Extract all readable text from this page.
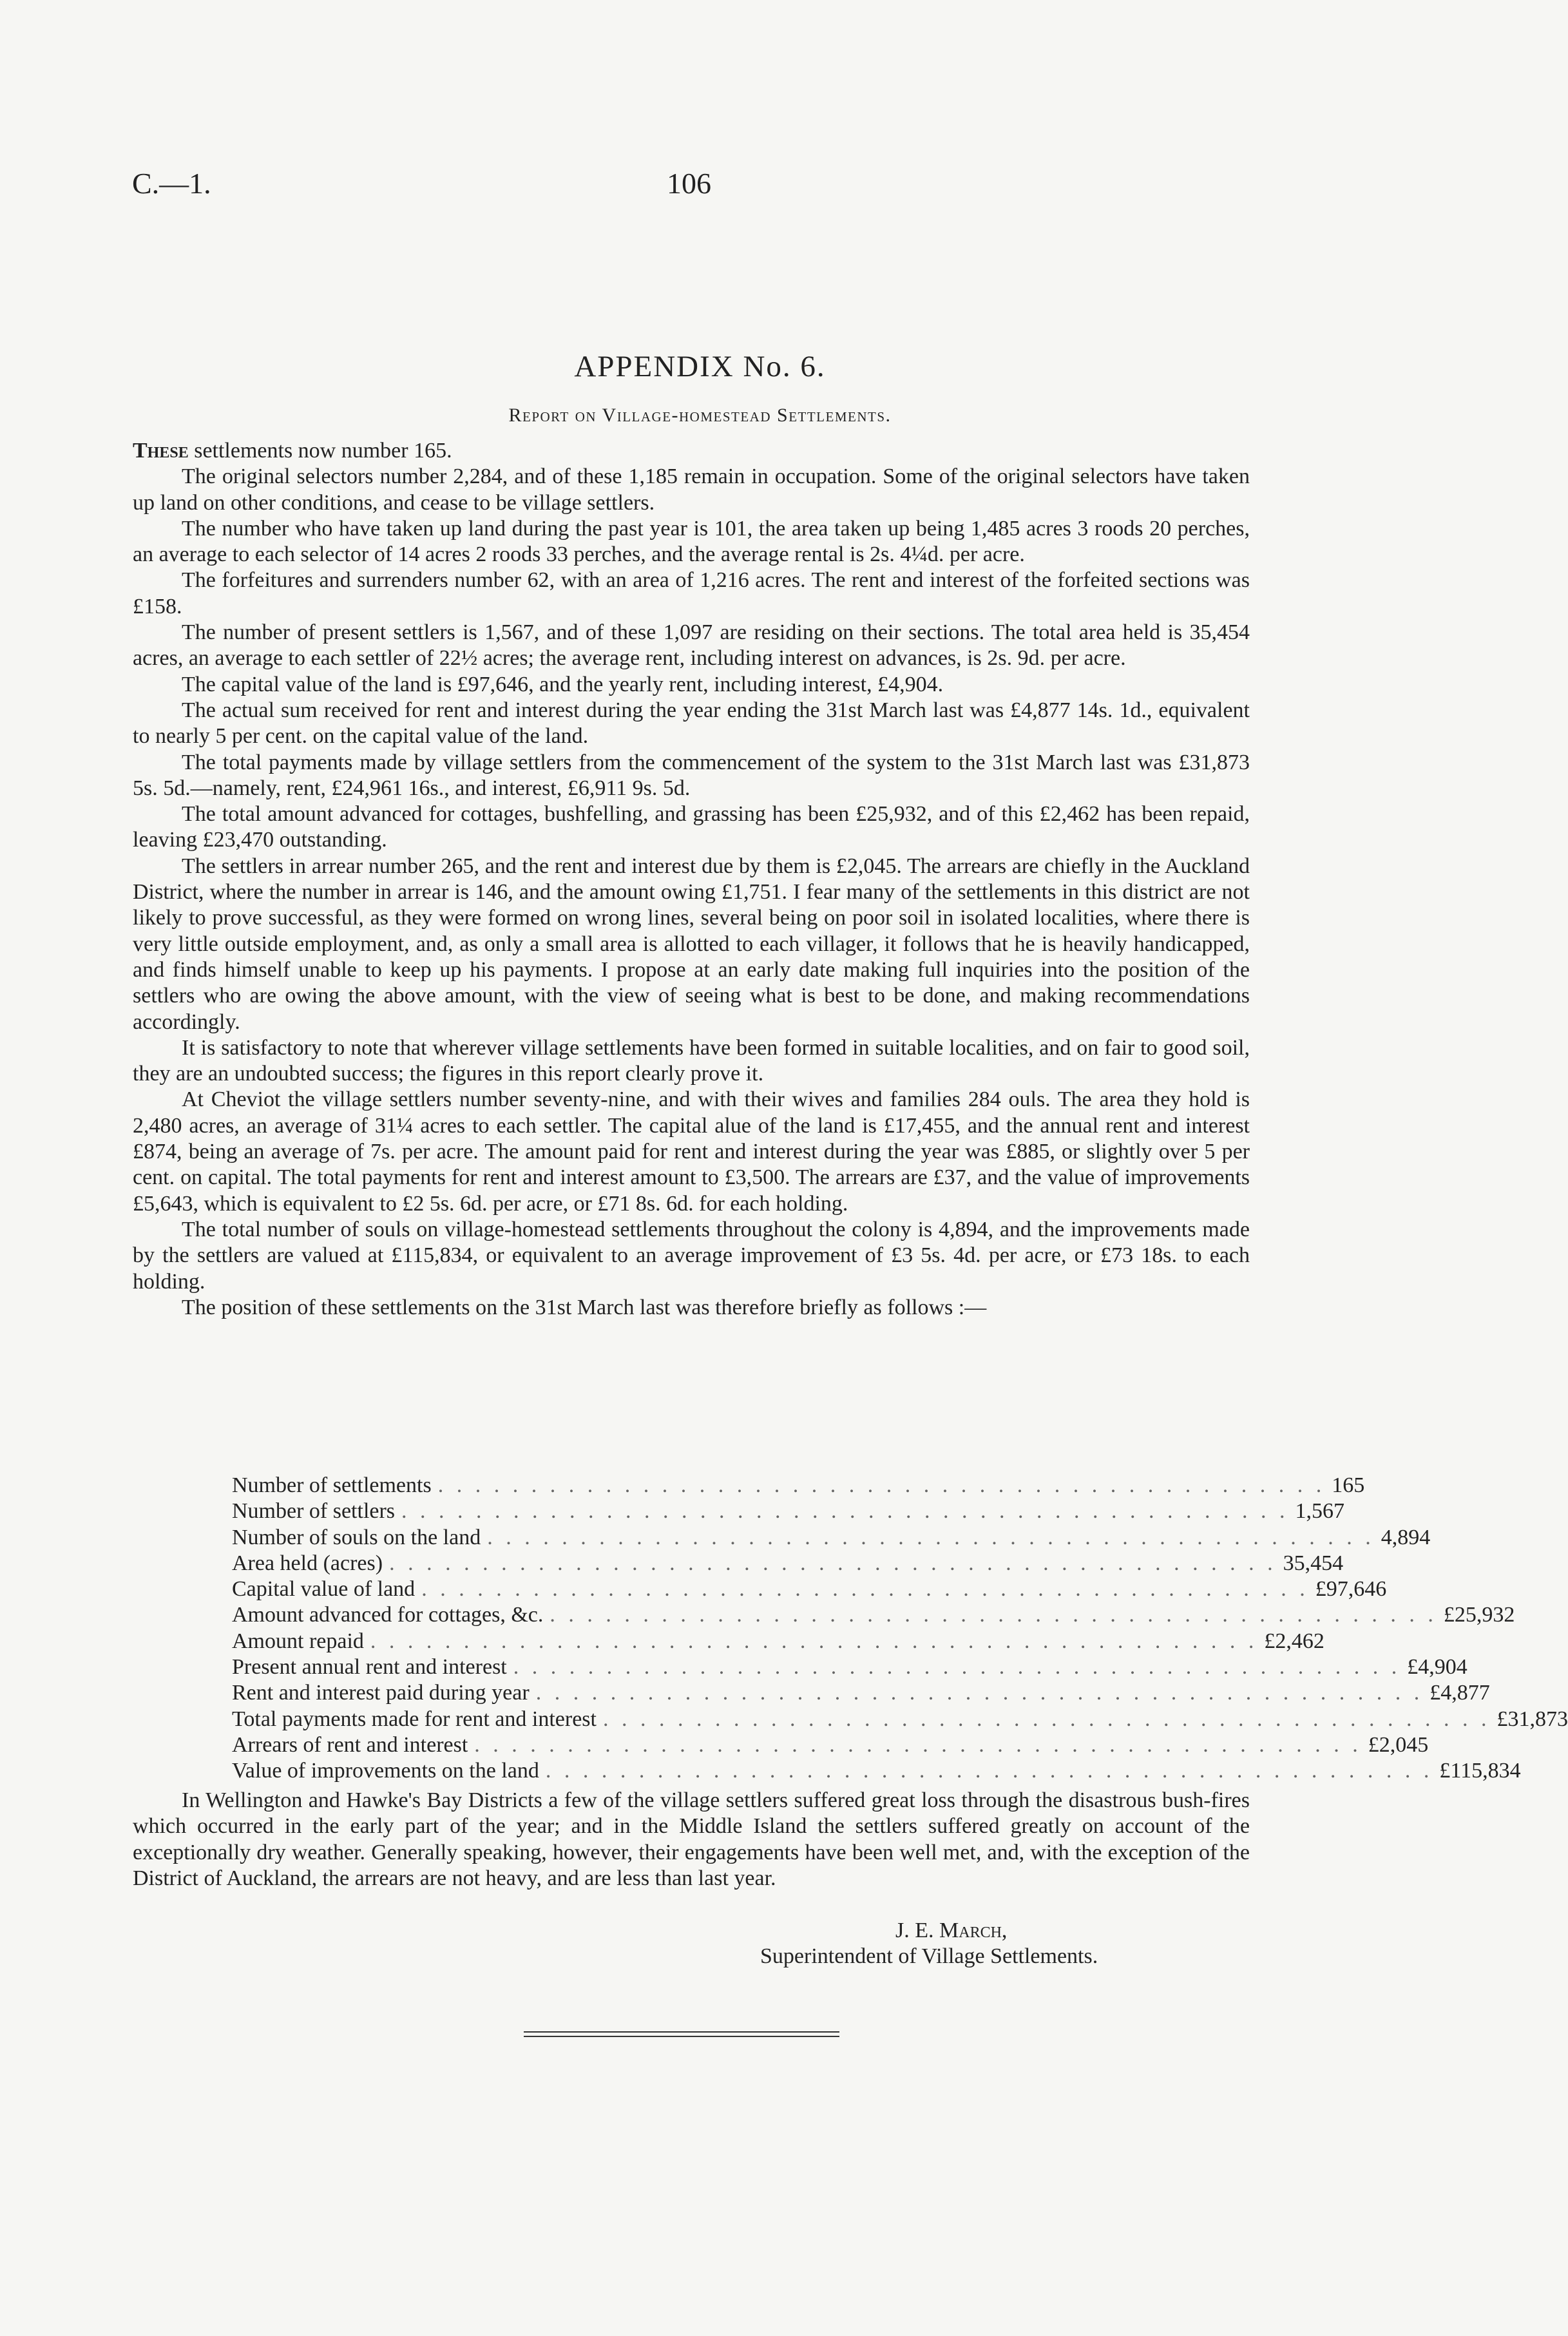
C.—1.	106
APPENDIX No. 6.
Report on Village-homestead Settlements.

These settlements now number 165.

The original selectors number 2,284, and of these 1,185 remain in occupation. Some of the original selectors have taken up land on other conditions, and cease to be village settlers.

The number who have taken up land during the past year is 101, the area taken up being 1,485 acres 3 roods 20 perches, an average to each selector of 14 acres 2 roods 33 perches, and the average rental is 2s. 4¼d. per acre.

The forfeitures and surrenders number 62, with an area of 1,216 acres. The rent and interest of the forfeited sections was £158.

The number of present settlers is 1,567, and of these 1,097 are residing on their sections. The total area held is 35,454 acres, an average to each settler of 22½ acres; the average rent, including interest on advances, is 2s. 9d. per acre.

The capital value of the land is £97,646, and the yearly rent, including interest, £4,904.

The actual sum received for rent and interest during the year ending the 31st March last was £4,877 14s. 1d., equivalent to nearly 5 per cent. on the capital value of the land.

The total payments made by village settlers from the commencement of the system to the 31st March last was £31,873 5s. 5d.—namely, rent, £24,961 16s., and interest, £6,911 9s. 5d.

The total amount advanced for cottages, bushfelling, and grassing has been £25,932, and of this £2,462 has been repaid, leaving £23,470 outstanding.

The settlers in arrear number 265, and the rent and interest due by them is £2,045. The arrears are chiefly in the Auckland District, where the number in arrear is 146, and the amount owing £1,751. I fear many of the settlements in this district are not likely to prove successful, as they were formed on wrong lines, several being on poor soil in isolated localities, where there is very little outside employment, and, as only a small area is allotted to each villager, it follows that he is heavily handicapped, and finds himself unable to keep up his payments. I propose at an early date making full inquiries into the position of the settlers who are owing the above amount, with the view of seeing what is best to be done, and making recommendations accordingly.

It is satisfactory to note that wherever village settlements have been formed in suitable localities, and on fair to good soil, they are an undoubted success; the figures in this report clearly prove it.

At Cheviot the village settlers number seventy-nine, and with their wives and families 284 ouls. The area they hold is 2,480 acres, an average of 31¼ acres to each settler. The capital alue of the land is £17,455, and the annual rent and interest £874, being an average of 7s. per acre. The amount paid for rent and interest during the year was £885, or slightly over 5 per cent. on capital. The total payments for rent and interest amount to £3,500. The arrears are £37, and the value of improvements £5,643, which is equivalent to £2 5s. 6d. per acre, or £71 8s. 6d. for each holding.

The total number of souls on village-homestead settlements throughout the colony is 4,894, and the improvements made by the settlers are valued at £115,834, or equivalent to an average improvement of £3 5s. 4d. per acre, or £73 18s. to each holding.

The position of these settlements on the 31st March last was therefore briefly as follows :—

Number of settlements . . . . . . . . . . . . . . . . . . . . . . . . . . . . . . . . . . . . . . . . . . . . . . . . 165
Number of settlers . . . . . . . . . . . . . . . . . . . . . . . . . . . . . . . . . . . . . . . . . . . . . . . . 1,567
Number of souls on the land . . . . . . . . . . . . . . . . . . . . . . . . . . . . . . . . . . . . . . . . . . . . . . . . 4,894
Area held (acres) . . . . . . . . . . . . . . . . . . . . . . . . . . . . . . . . . . . . . . . . . . . . . . . . 35,454
Capital value of land . . . . . . . . . . . . . . . . . . . . . . . . . . . . . . . . . . . . . . . . . . . . . . . . £97,646
Amount advanced for cottages, &c. . . . . . . . . . . . . . . . . . . . . . . . . . . . . . . . . . . . . . . . . . . . . . . . . £25,932
Amount repaid . . . . . . . . . . . . . . . . . . . . . . . . . . . . . . . . . . . . . . . . . . . . . . . . £2,462
Present annual rent and interest . . . . . . . . . . . . . . . . . . . . . . . . . . . . . . . . . . . . . . . . . . . . . . . . £4,904
Rent and interest paid during year . . . . . . . . . . . . . . . . . . . . . . . . . . . . . . . . . . . . . . . . . . . . . . . . £4,877
Total payments made for rent and interest . . . . . . . . . . . . . . . . . . . . . . . . . . . . . . . . . . . . . . . . . . . . . . . . £31,873
Arrears of rent and interest . . . . . . . . . . . . . . . . . . . . . . . . . . . . . . . . . . . . . . . . . . . . . . . . £2,045
Value of improvements on the land . . . . . . . . . . . . . . . . . . . . . . . . . . . . . . . . . . . . . . . . . . . . . . . . £115,834

In Wellington and Hawke's Bay Districts a few of the village settlers suffered great loss through the disastrous bush-fires which occurred in the early part of the year; and in the Middle Island the settlers suffered greatly on account of the exceptionally dry weather. Generally speaking, however, their engagements have been well met, and, with the exception of the District of Auckland, the arrears are not heavy, and are less than last year.

J. E. March,
Superintendent of Village Settlements.
